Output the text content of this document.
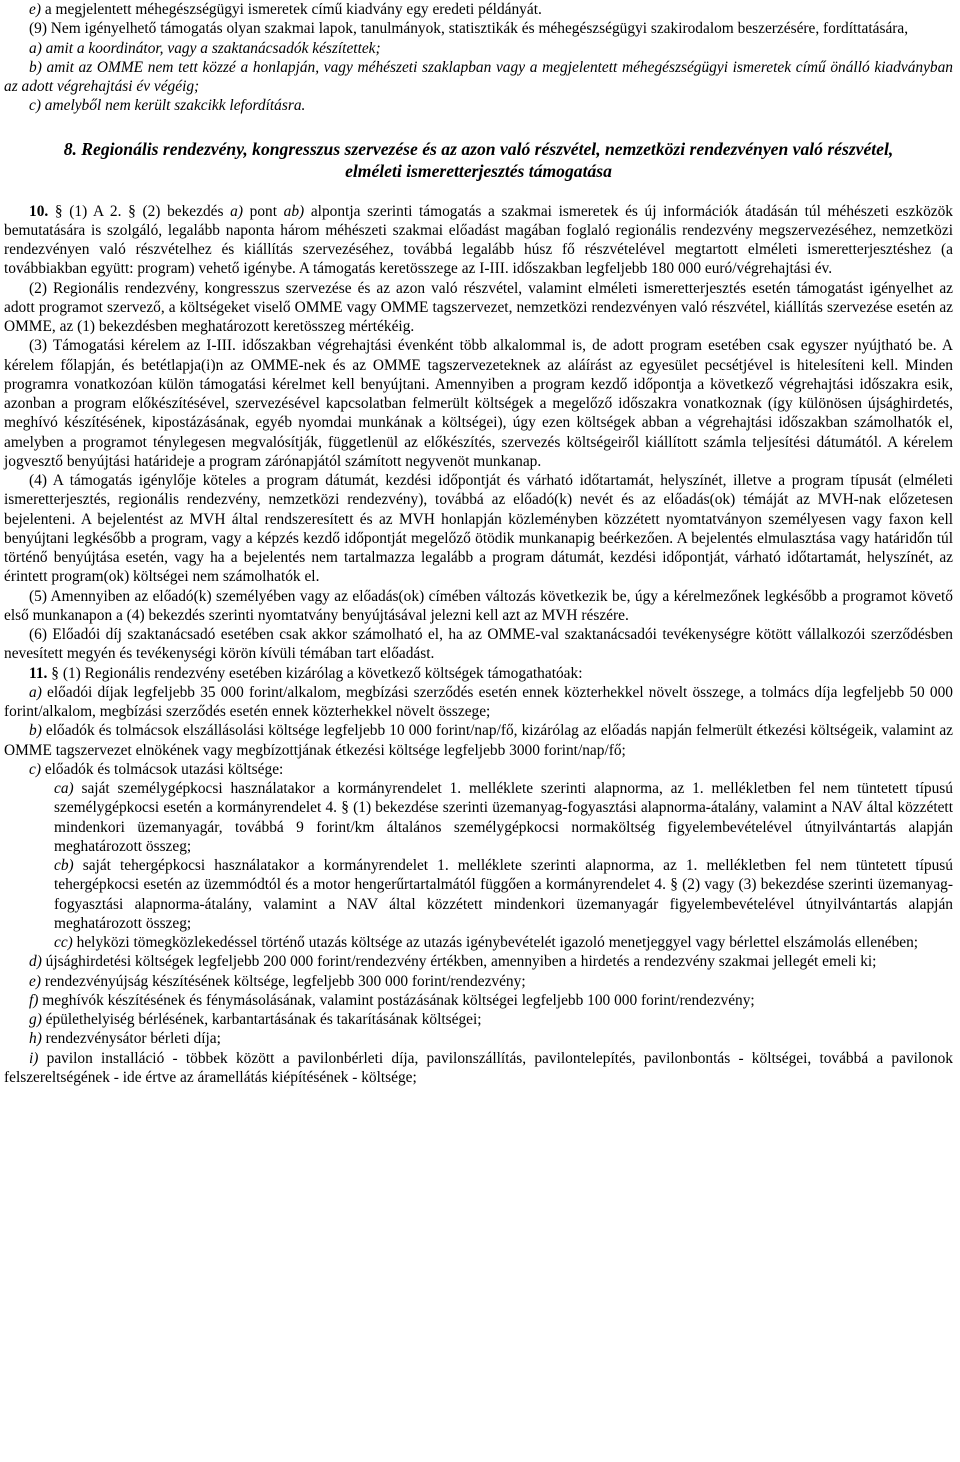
e) a megjelentett méhegészségügyi ismeretek című kiadvány egy eredeti példányát.

(9) Nem igényelhető támogatás olyan szakmai lapok, tanulmányok, statisztikák és méhegészségügyi szakirodalom beszerzésére, fordíttatására,

a) amit a koordinátor, vagy a szaktanácsadók készítettek;

b) amit az OMME nem tett közzé a honlapján, vagy méhészeti szaklapban vagy a megjelentett méhegészségügyi ismeretek című önálló kiadványban az adott végrehajtási év végéig;

c) amelyből nem került szakcikk lefordításra.

8. Regionális rendezvény, kongresszus szervezése és az azon való részvétel, nemzetközi rendezvényen való részvétel, elméleti ismeretterjesztés támogatása

10. § (1) A 2. § (2) bekezdés a) pont ab) alpontja szerinti támogatás a szakmai ismeretek és új információk átadásán túl méhészeti eszközök bemutatására is szolgáló, legalább naponta három méhészeti szakmai előadást magában foglaló regionális rendezvény megszervezéséhez, nemzetközi rendezvényen való részvételhez és kiállítás szervezéséhez, továbbá legalább húsz fő részvételével megtartott elméleti ismeretterjesztéshez (a továbbiakban együtt: program) vehető igénybe. A támogatás keretösszege az I-III. időszakban legfeljebb 180 000 euró/végrehajtási év.

(2) Regionális rendezvény, kongresszus szervezése és az azon való részvétel, valamint elméleti ismeretterjesztés esetén támogatást igényelhet az adott programot szervező, a költségeket viselő OMME vagy OMME tagszervezet, nemzetközi rendezvényen való részvétel, kiállítás szervezése esetén az OMME, az (1) bekezdésben meghatározott keretösszeg mértékéig.

(3) Támogatási kérelem az I-III. időszakban végrehajtási évenként több alkalommal is, de adott program esetében csak egyszer nyújtható be. A kérelem főlapján, és betétlapja(i)n az OMME-nek és az OMME tagszervezeteknek az aláírást az egyesület pecsétjével is hitelesíteni kell. Minden programra vonatkozóan külön támogatási kérelmet kell benyújtani. Amennyiben a program kezdő időpontja a következő végrehajtási időszakra esik, azonban a program előkészítésével, szervezésével kapcsolatban felmerült költségek a megelőző időszakra vonatkoznak (így különösen újsághirdetés, meghívó készítésének, kipostázásának, egyéb nyomdai munkának a költségei), úgy ezen költségek abban a végrehajtási időszakban számolhatók el, amelyben a programot ténylegesen megvalósítják, függetlenül az előkészítés, szervezés költségeiről kiállított számla teljesítési dátumától. A kérelem jogvesztő benyújtási határideje a program zárónapjától számított negyvenöt munkanap.

(4) A támogatás igénylője köteles a program dátumát, kezdési időpontját és várható időtartamát, helyszínét, illetve a program típusát (elméleti ismeretterjesztés, regionális rendezvény, nemzetközi rendezvény), továbbá az előadó(k) nevét és az előadás(ok) témáját az MVH-nak előzetesen bejelenteni. A bejelentést az MVH által rendszeresített és az MVH honlapján közleményben közzétett nyomtatványon személyesen vagy faxon kell benyújtani legkésőbb a program, vagy a képzés kezdő időpontját megelőző ötödik munkanapig beérkezően. A bejelentés elmulasztása vagy határidőn túl történő benyújtása esetén, vagy ha a bejelentés nem tartalmazza legalább a program dátumát, kezdési időpontját, várható időtartamát, helyszínét, az érintett program(ok) költségei nem számolhatók el.

(5) Amennyiben az előadó(k) személyében vagy az előadás(ok) címében változás következik be, úgy a kérelmezőnek legkésőbb a programot követő első munkanapon a (4) bekezdés szerinti nyomtatvány benyújtásával jelezni kell azt az MVH részére.

(6) Előadói díj szaktanácsadó esetében csak akkor számolható el, ha az OMME-val szaktanácsadói tevékenységre kötött vállalkozói szerződésben nevesített megyén és tevékenységi körön kívüli témában tart előadást.

11. § (1) Regionális rendezvény esetében kizárólag a következő költségek támogathatóak:

a) előadói díjak legfeljebb 35 000 forint/alkalom, megbízási szerződés esetén ennek közterhekkel növelt összege, a tolmács díja legfeljebb 50 000 forint/alkalom, megbízási szerződés esetén ennek közterhekkel növelt összege;

b) előadók és tolmácsok elszállásolási költsége legfeljebb 10 000 forint/nap/fő, kizárólag az előadás napján felmerült étkezési költségeik, valamint az OMME tagszervezet elnökének vagy megbízottjának étkezési költsége legfeljebb 3000 forint/nap/fő;

c) előadók és tolmácsok utazási költsége:

ca) saját személygépkocsi használatakor a kormányrendelet 1. melléklete szerinti alapnorma, az 1. mellékletben fel nem tüntetett típusú személygépkocsi esetén a kormányrendelet 4. § (1) bekezdése szerinti üzemanyag-fogyasztási alapnorma-átalány, valamint a NAV által közzétett mindenkori üzemanyagár, továbbá 9 forint/km általános személygépkocsi normaköltség figyelembevételével útnyilvántartás alapján meghatározott összeg;

cb) saját tehergépkocsi használatakor a kormányrendelet 1. melléklete szerinti alapnorma, az 1. mellékletben fel nem tüntetett típusú tehergépkocsi esetén az üzemmódtól és a motor hengerűrtartalmától függően a kormányrendelet 4. § (2) vagy (3) bekezdése szerinti üzemanyag-fogyasztási alapnorma-átalány, valamint a NAV által közzétett mindenkori üzemanyagár figyelembevételével útnyilvántartás alapján meghatározott összeg;

cc) helyközi tömegközlekedéssel történő utazás költsége az utazás igénybevételét igazoló menetjeggyel vagy bérlettel elszámolás ellenében;

d) újsághirdetési költségek legfeljebb 200 000 forint/rendezvény értékben, amennyiben a hirdetés a rendezvény szakmai jellegét emeli ki;

e) rendezvényújság készítésének költsége, legfeljebb 300 000 forint/rendezvény;

f) meghívók készítésének és fénymásolásának, valamint postázásának költségei legfeljebb 100 000 forint/rendezvény;

g) épülethelyiség bérlésének, karbantartásának és takarításának költségei;

h) rendezvénysátor bérleti díja;

i) pavilon installáció - többek között a pavilonbérleti díja, pavilonszállítás, pavilontelepítés, pavilonbontás - költségei, továbbá a pavilonok felszereltségének - ide értve az áramellátás kiépítésének - költsége;
